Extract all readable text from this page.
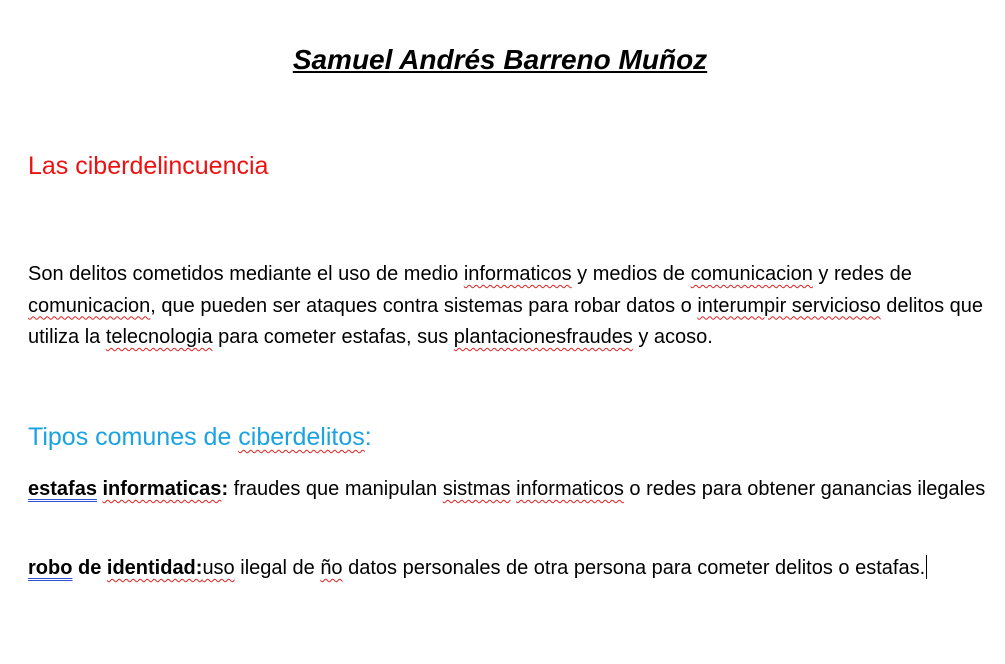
Samuel Andrés Barreno Muñoz
Las ciberdelincuencia

Son delitos cometidos mediante el uso de medio informaticos y medios de comunicacion y redes de comunicacion, que pueden ser ataques contra sistemas para robar datos o interumpir servicioso delitos que utiliza la telecnologia para cometer estafas, sus plantacionesfraudes y acoso.

Tipos comunes de ciberdelitos:

estafas informaticas: fraudes que manipulan sistmas informaticos o redes para obtener ganancias ilegales

robo de identidad:uso ilegal de ño datos personales de otra persona para cometer delitos o estafas.
